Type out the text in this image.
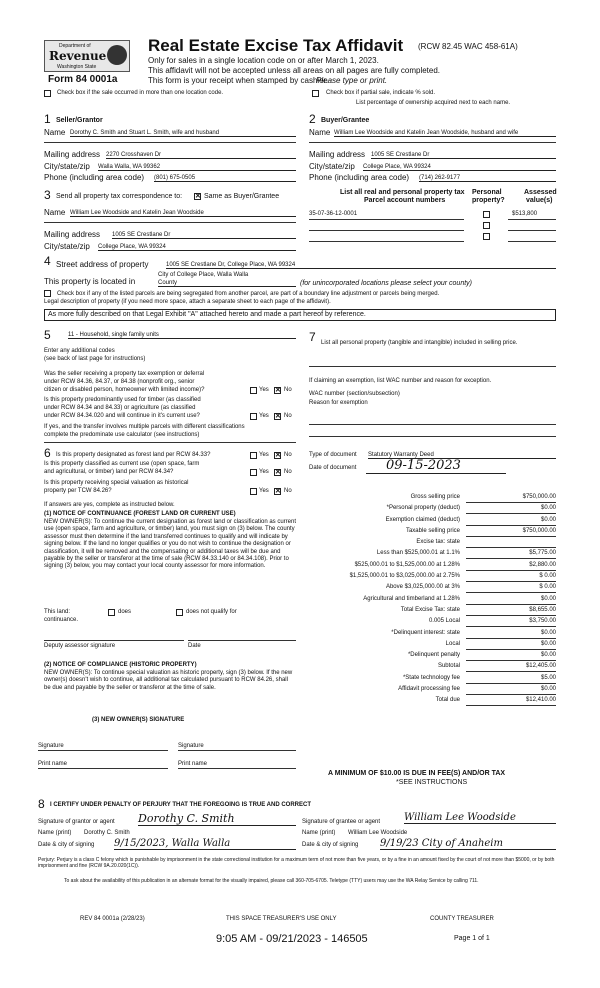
Department of
Revenue
Washington State
Form 84 0001a
Real Estate Excise Tax Affidavit (RCW 82.45 WAC 458-61A)
Only for sales in a single location code on or after March 1, 2023.
This affidavit will not be accepted unless all areas on all pages are fully completed.
This form is your receipt when stamped by cashier.
Please type or print.
Check box if the sale occurred in more than one location code.	Check box if partial sale, indicate % sold.
List percentage of ownership acquired next to each name.
1 Seller/Grantor
Name Dorothy C. Smith and Stuart L. Smith, wife and husband
Mailing address 2270 Crosshaven Dr
City/state/zip Walla Walla, WA 99362
Phone (including area code) (801) 675-0505
2 Buyer/Grantee
Name William Lee Woodside and Katelin Jean Woodside, husband and wife
Mailing address 1005 SE Crestlane Dr
City/state/zip College Place, WA 99324
Phone (including area code) (714) 262-9177
3 Send all property tax correspondence to: ✕ Same as Buyer/Grantee
Name William Lee Woodside and Katelin Jean Woodside
Mailing address 1005 SE Crestlane Dr
City/state/zip College Place, WA 99324
List all real and personal property tax
Parcel account numbers
Personal
property?
Assessed
value(s)
35-07-36-12-0001	$513,800
4 Street address of property	1005 SE Crestlane Dr, College Place, WA 99324
This property is located in
City of College Place, Walla Walla
County	(for unincorporated locations please select your county)
Check box if any of the listed parcels are being segregated from another parcel, are part of a boundary line adjustment or parcels being merged.
Legal description of property (if you need more space, attach a separate sheet to each page of the affidavit).
As more fully described on that Legal Exhibit "A" attached hereto and made a part hereof by reference.
5	11 - Household, single family units
Enter any additional codes
(see back of last page for instructions)
Was the seller receiving a property tax exemption or deferral
under RCW 84.36, 84.37, or 84.38 (nonprofit org., senior
citizen or disabled person, homeowner with limited income)?	Yes ✕ No
Is this property predominantly used for timber (as classified
under RCW 84.34 and 84.33) or agriculture (as classified
under RCW 84.34.020 and will continue in it's current use?	Yes ✕ No
If yes, and the transfer involves multiple parcels with different classifications
complete the predominate use calculator (see instructions)
7 List all personal property (tangible and intangible) included in selling price.
If claiming an exemption, list WAC number and reason for exception.
WAC number (section/subsection)
Reason for exemption
6 Is this property designated as forest land per RCW 84.33?	Yes ✕ No
Is this property classified as current use (open space, farm
and agricultural, or timber) land per RCW 84.34?	Yes ✕ No
Is this property receiving special valuation as historical
property per TCW 84.26?	Yes ✕ No
If answers are yes, complete as instructed below.
(1) NOTICE OF CONTINUANCE (FOREST LAND OR CURRENT USE)
NEW OWNER(S): To continue the current designation as forest land or classification as current use (open space, farm and agriculture, or timber) land, you must sign on (3) below. The county assessor must then determine if the land transferred continues to qualify and will indicate by signing below. If the land no longer qualifies or you do not wish to continue the designation or classification, it will be removed and the compensating or additional taxes will be due and payable by the seller or transferor at the time of sale (RCW 84.33.140 or 84.34.108). Prior to signing (3) below, you may contact your local county assessor for more information.
This land:
continuance.
does	does not qualify for
Deputy assessor signature	Date
(2) NOTICE OF COMPLIANCE (HISTORIC PROPERTY)
NEW OWNER(S): To continue special valuation as historic property, sign (3) below. If the new owner(s) doesn't wish to continue, all additional tax calculated pursuant to RCW 84.26, shall be due and payable by the seller or transferor at the time of sale.
(3) NEW OWNER(S) SIGNATURE
Signature	Signature
Print name	Print name
Type of document Statutory Warranty Deed
Date of document	09-15-2023
Gross selling price	$750,000.00
*Personal property (deduct)	$0.00
Exemption claimed (deduct)	$0.00
Taxable selling price	$750,000.00
Excise tax: state
Less than $525,000.01 at 1.1%	$5,775.00
$525,000.01 to $1,525,000.00 at 1.28%	$2,880.00
$1,525,000.01 to $3,025,000.00 at 2.75%	$ 0.00
Above $3,025,000.00 at 3%	$ 0.00
Agricultural and timberland at 1.28%	$0.00
Total Excise Tax: state	$8,655.00
0.005 Local	$3,750.00
*Delinquent interest: state	$0.00
Local	$0.00
*Delinquent penalty	$0.00
Subtotal	$12,405.00
*State technology fee	$5.00
Affidavit processing fee	$0.00
Total due	$12,410.00
A MINIMUM OF $10.00 IS DUE IN FEE(S) AND/OR TAX
*SEE INSTRUCTIONS
8 I CERTIFY UNDER PENALTY OF PERJURY THAT THE FOREGOING IS TRUE AND CORRECT
Signature of grantor or agent Dorothy C. Smith
Name (print) Dorothy C. Smith
Date & city of signing 9/15/2023, Walla Walla
Signature of grantee or agent William Lee Woodside
Name (print) William Lee Woodside
Date & city of signing 9/19/23 City of Anaheim
Perjury: Perjury is a class C felony which is punishable by imprisonment in the state correctional institution for a maximum term of not more than five years, or by a fine in an amount fixed by the court of not more than $5000, or by both imprisonment and fine (RCW 9A.20.020(1C)).
To ask about the availability of this publication in an alternate format for the visually impaired, please call 360-705-6705. Teletype (TTY) users may use the WA Relay Service by calling 711.
REV 84 0001a (2/28/23)	THIS SPACE TREASURER'S USE ONLY	COUNTY TREASURER
9:05 AM - 09/21/2023 - 146505	Page 1 of 1
